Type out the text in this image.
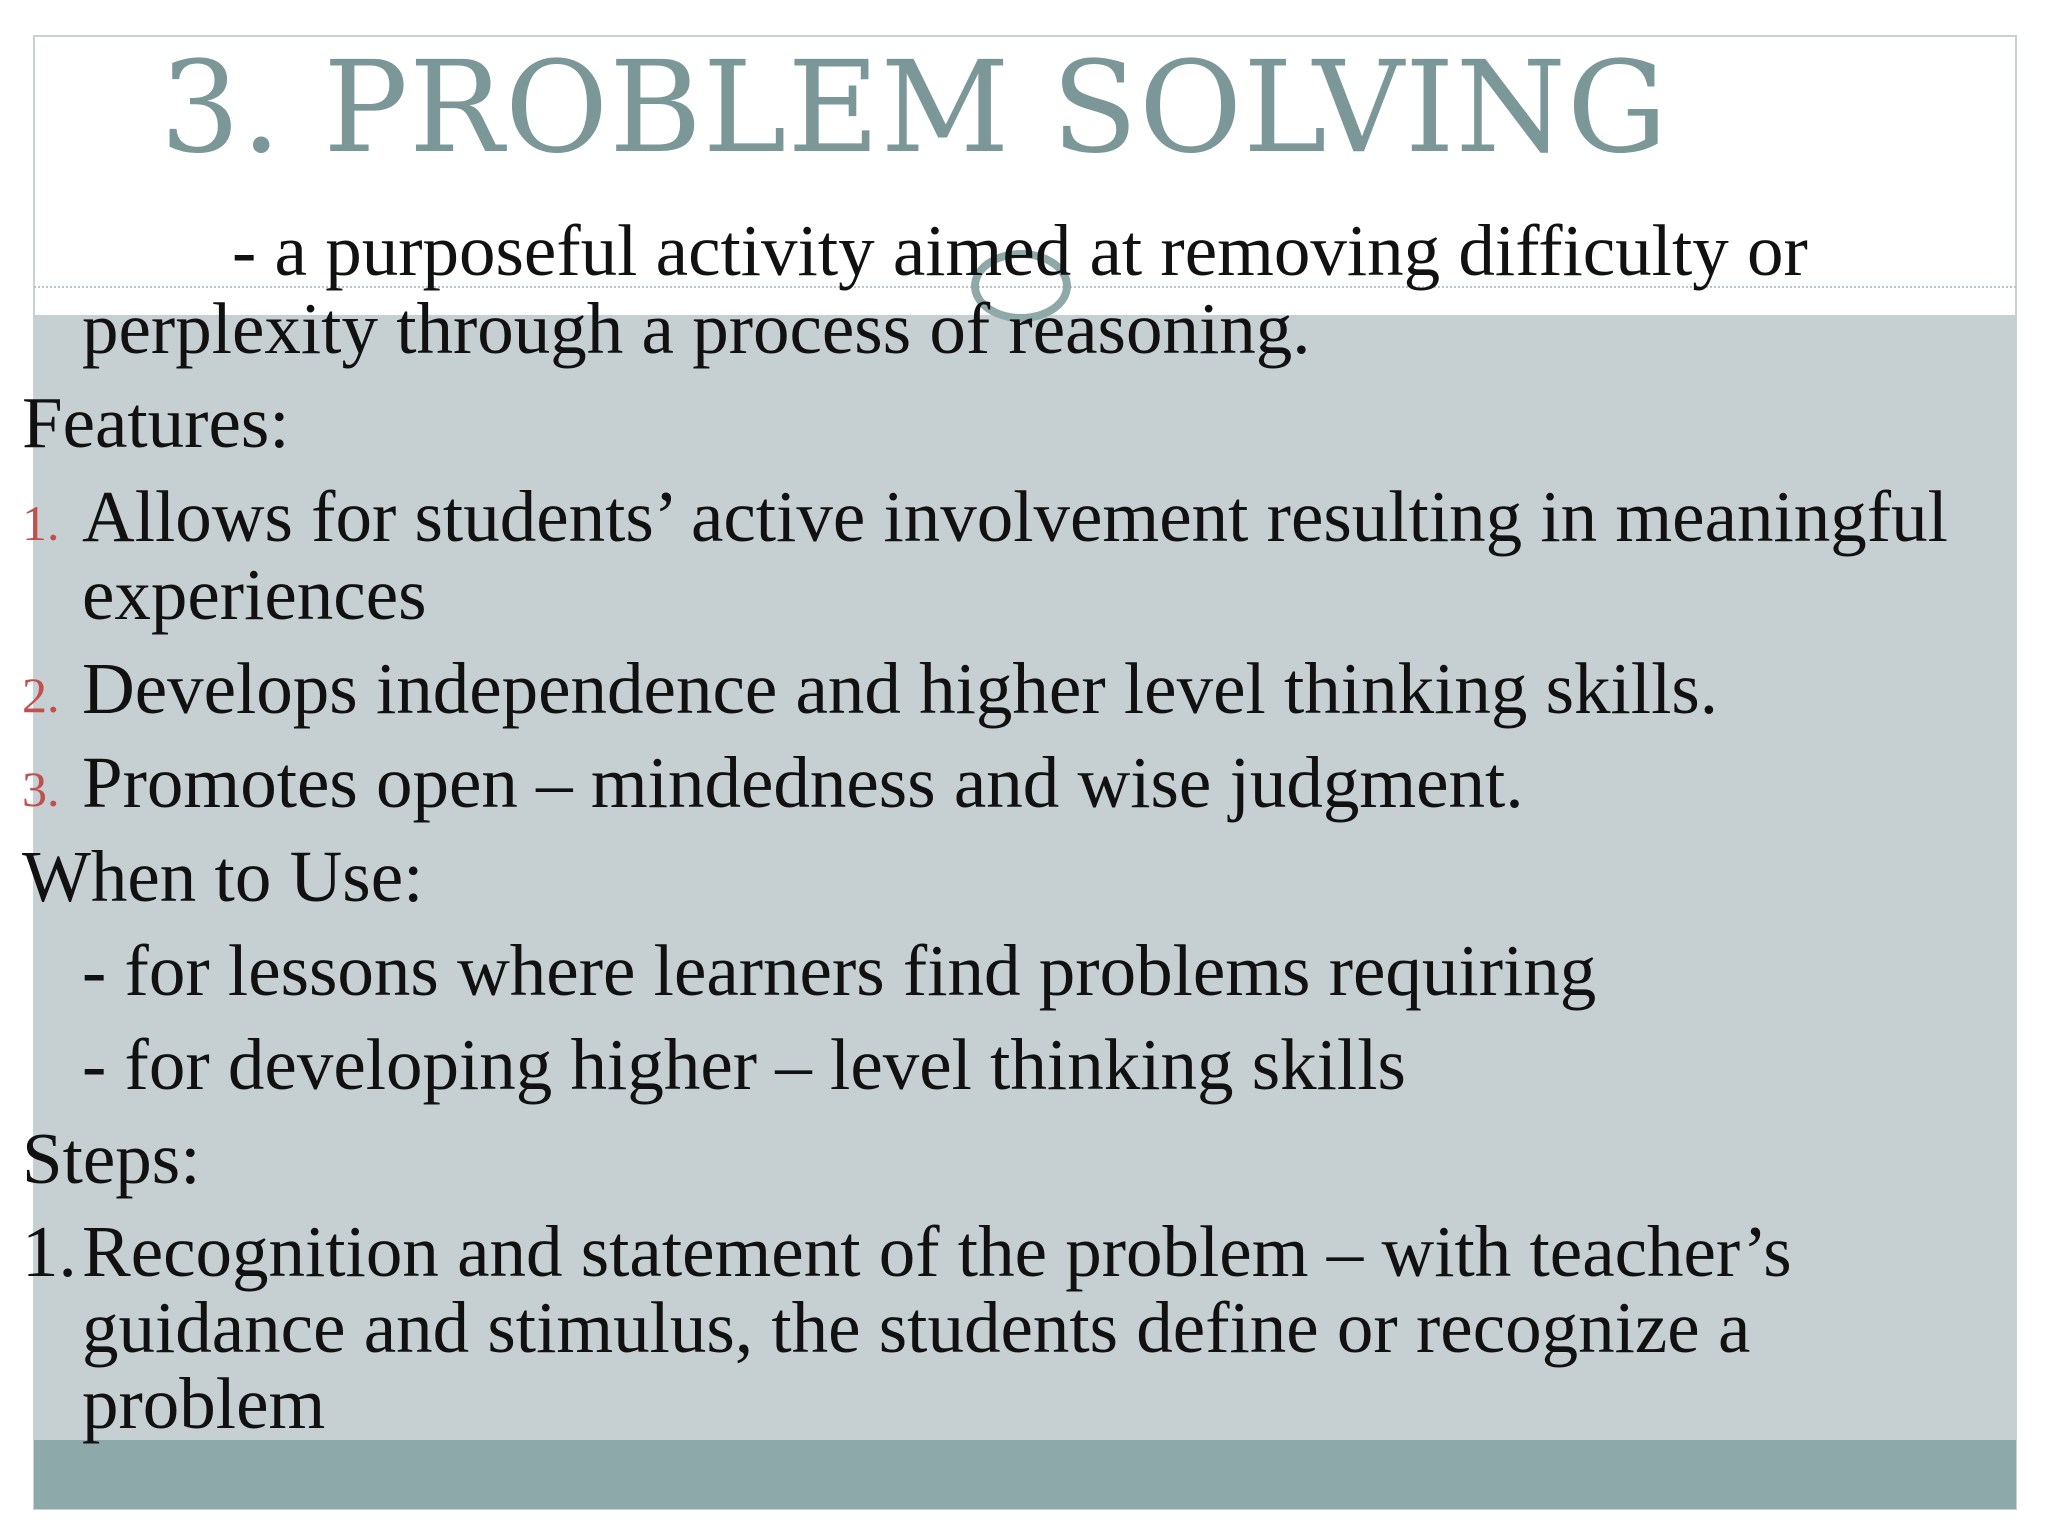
3. PROBLEM SOLVING

- a purposeful activity aimed at removing difficulty or perplexity through a process of reasoning.

Features:

1. Allows for students’ active involvement resulting in meaningful experiences
2. Develops independence and higher level thinking skills.
3. Promotes open – mindedness and wise judgment.

When to Use:

- for lessons where learners find problems requiring

- for developing higher – level thinking skills

Steps:

1. Recognition and statement of the problem – with teacher’s guidance and stimulus, the students define or recognize a problem
